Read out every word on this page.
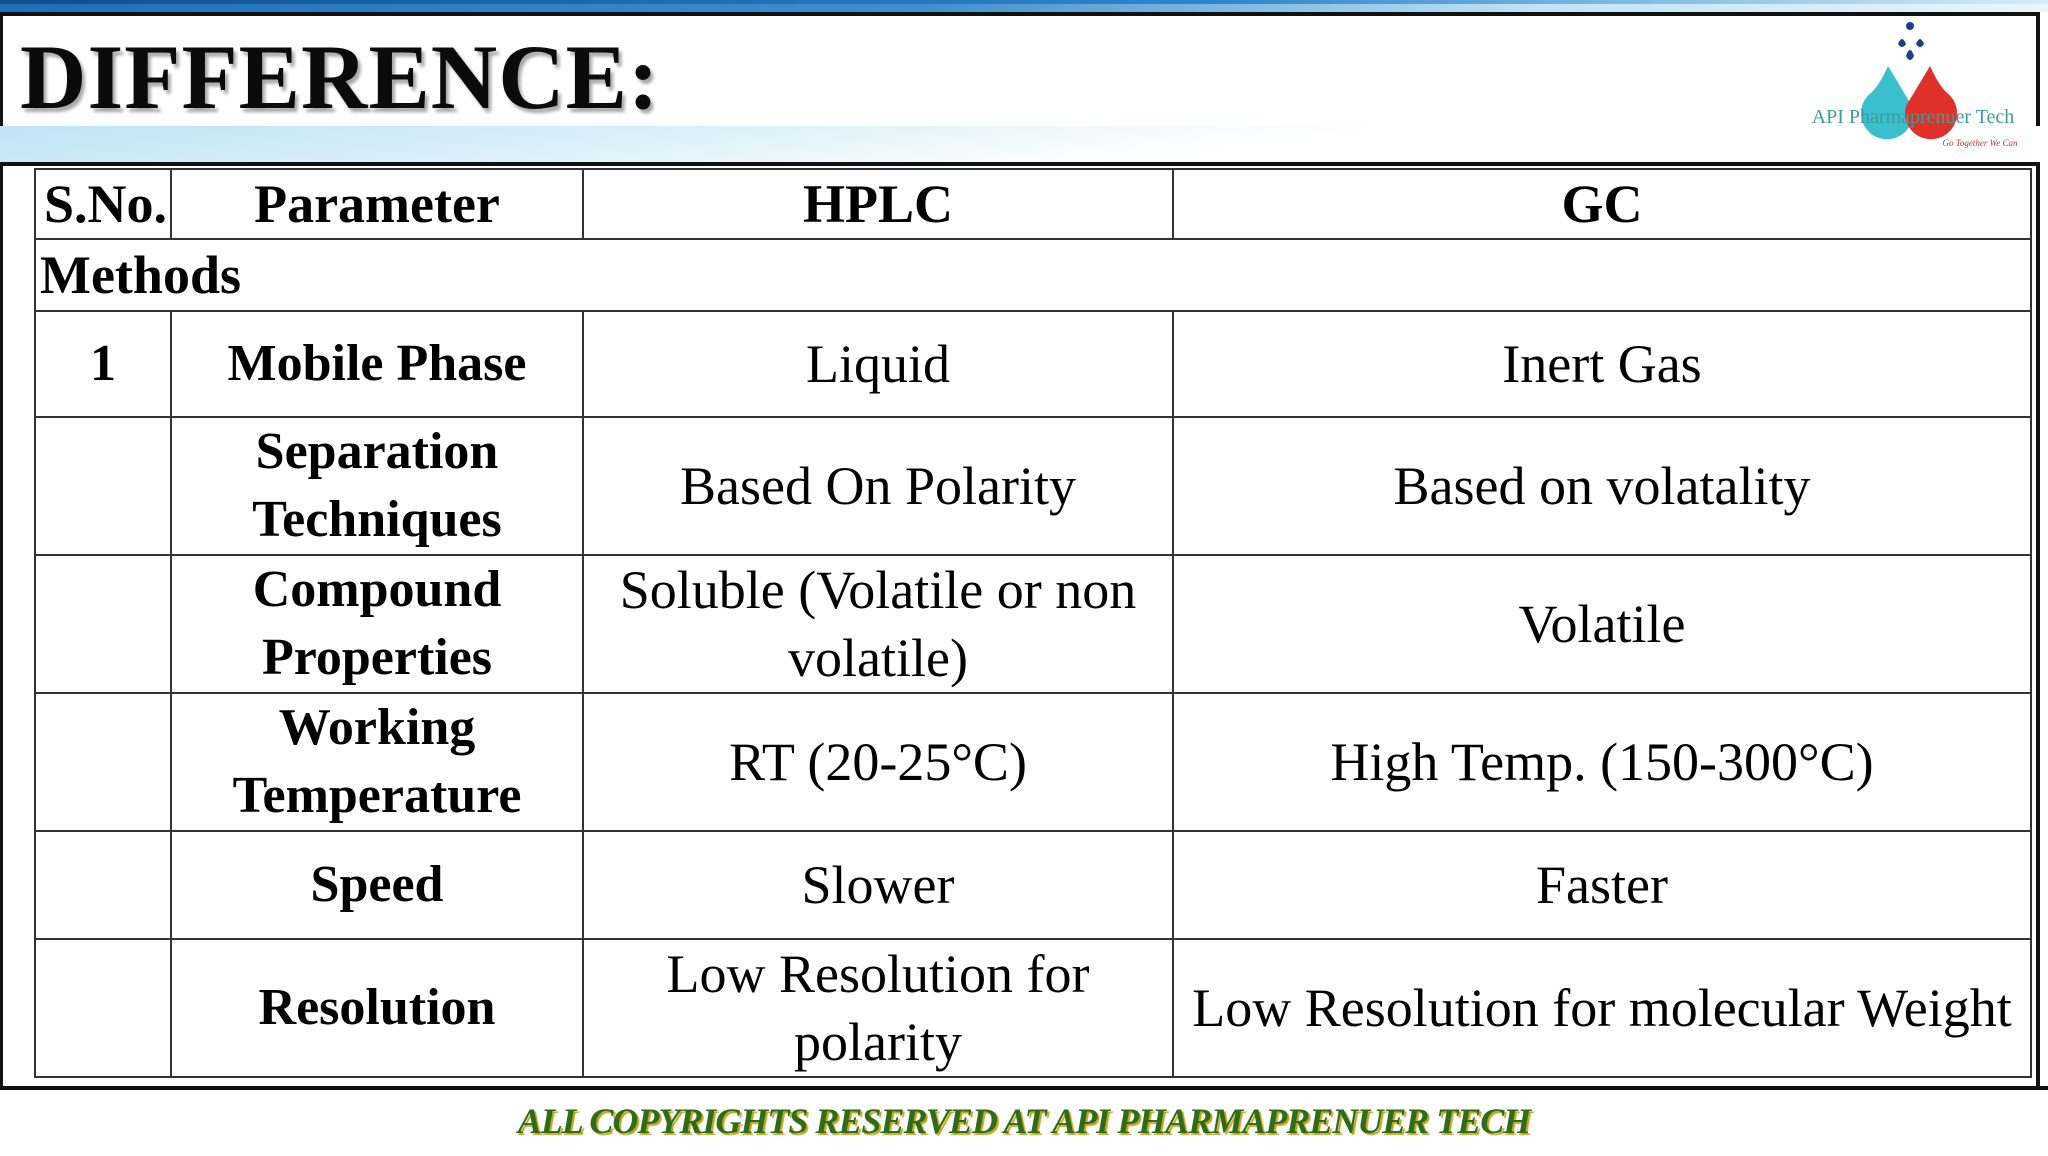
DIFFERENCE:	API Pharmaprenuer Tech
Go Together We Can
S.No.	Parameter	HPLC	GC
Methods			
1	Mobile Phase	Liquid	Inert Gas
	Separation Techniques	Based On Polarity	Based on volatality
	Compound Properties	Soluble (Volatile or non volatile)	Volatile
	Working Temperature	RT (20-25°C)	High Temp. (150-300°C)
	Speed	Slower	Faster
	Resolution	Low Resolution for polarity	Low Resolution for molecular Weight

ALL COPYRIGHTS RESERVED AT API PHARMAPRENUER TECH
